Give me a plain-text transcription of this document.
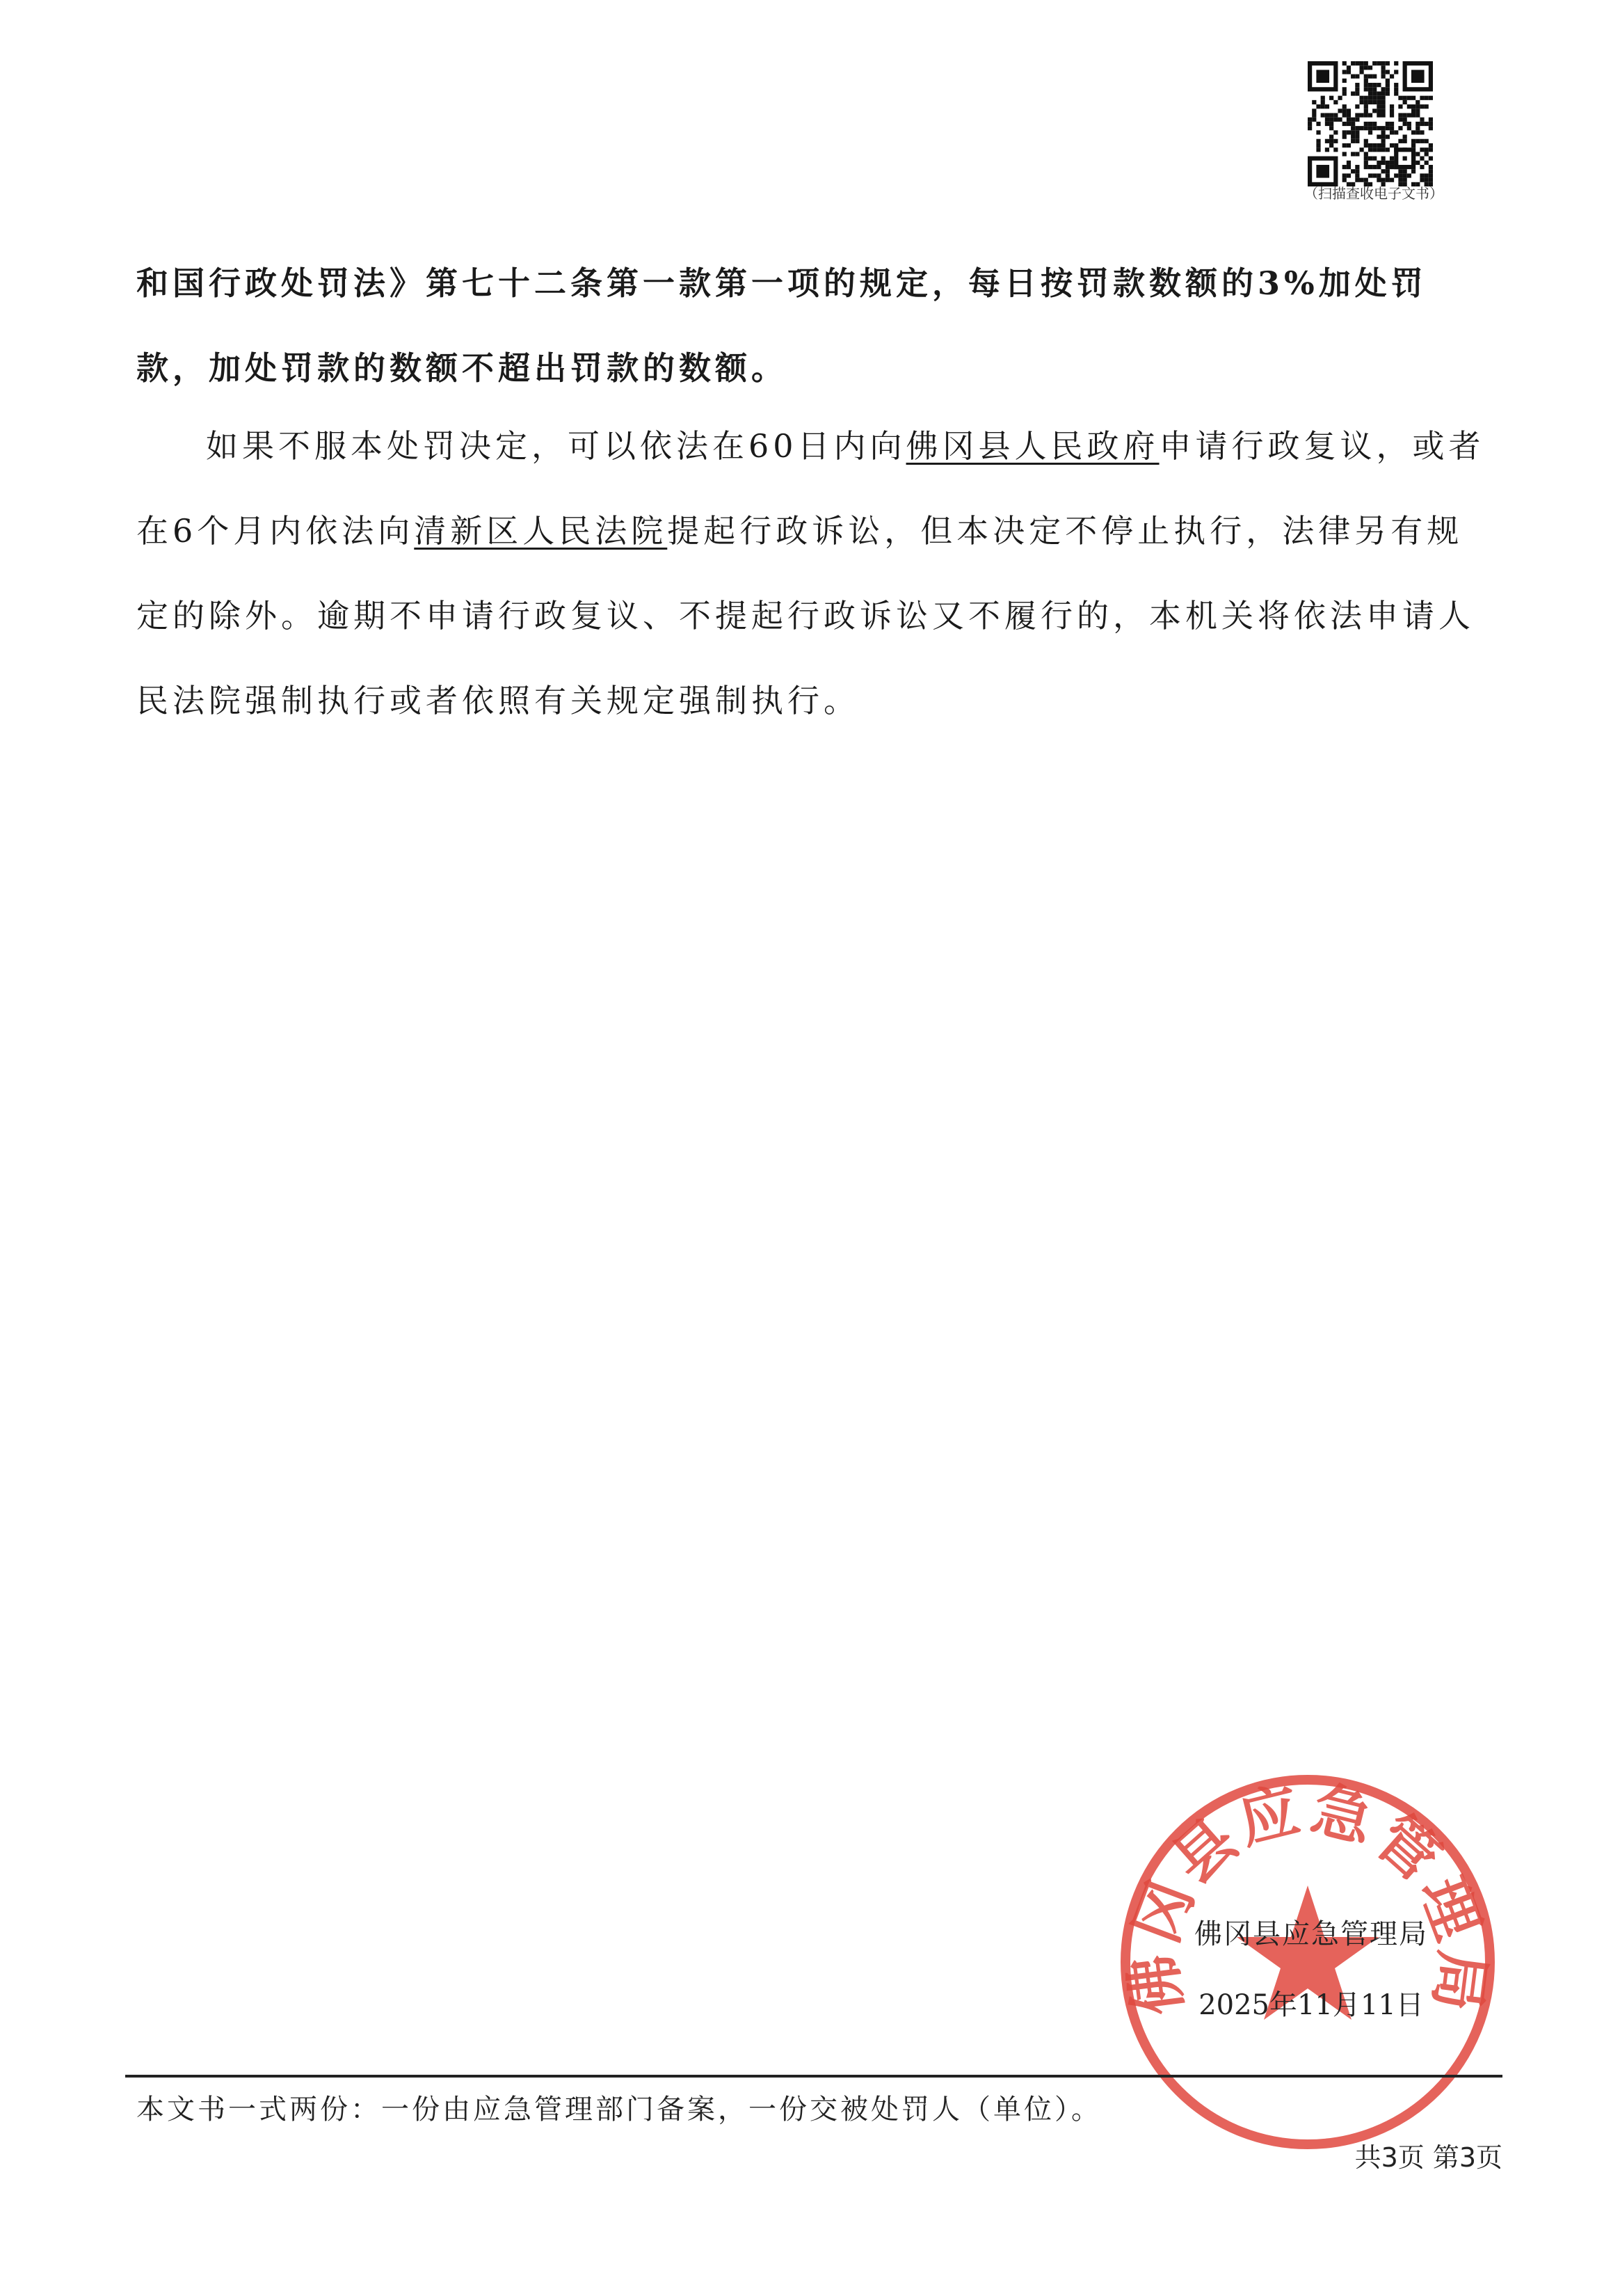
（扫描查收电子文书）

和国行政处罚法》第七十二条第一款第一项的规定，每日按罚款数额的3%加处罚款，加处罚款的数额不超出罚款的数额。

如果不服本处罚决定，可以依法在60日内向佛冈县人民政府申请行政复议，或者在6个月内依法向清新区人民法院提起行政诉讼，但本决定不停止执行，法律另有规定的除外。逾期不申请行政复议、不提起行政诉讼又不履行的，本机关将依法申请人民法院强制执行或者依照有关规定强制执行。

佛冈县应急管理局
佛冈县应急管理局
2025年11月11日
本文书一式两份：一份由应急管理部门备案，一份交被处罚人（单位）。
共3页 第3页
